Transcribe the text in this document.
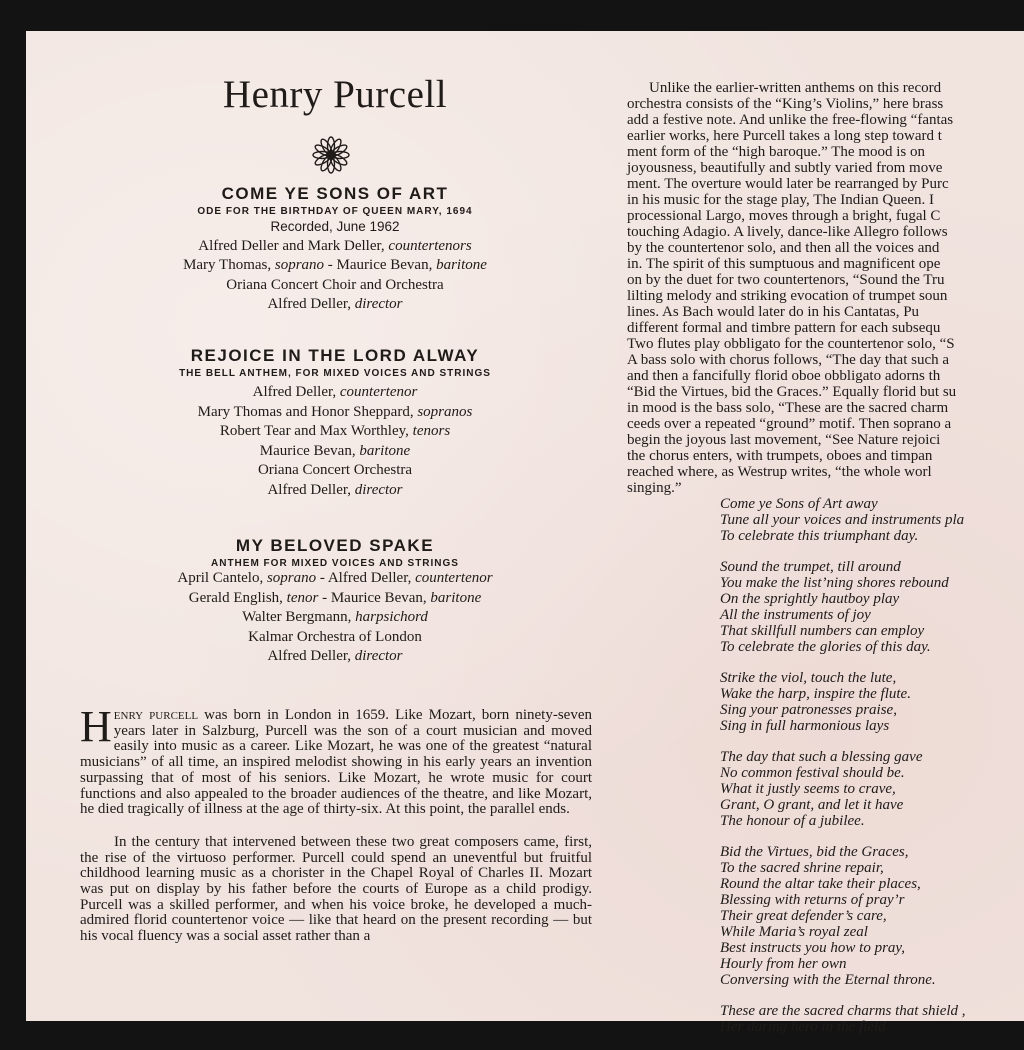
Henry Purcell

COME YE SONS OF ART

ODE FOR THE BIRTHDAY OF QUEEN MARY, 1694

Recorded, June 1962

Alfred Deller and Mark Deller, countertenors

Mary Thomas, soprano - Maurice Bevan, baritone

Oriana Concert Choir and Orchestra

Alfred Deller, director

REJOICE IN THE LORD ALWAY

THE BELL ANTHEM, FOR MIXED VOICES AND STRINGS

Alfred Deller, countertenor

Mary Thomas and Honor Sheppard, sopranos

Robert Tear and Max Worthley, tenors

Maurice Bevan, baritone

Oriana Concert Orchestra

Alfred Deller, director

MY BELOVED SPAKE

ANTHEM FOR MIXED VOICES AND STRINGS

April Cantelo, soprano - Alfred Deller, countertenor

Gerald English, tenor - Maurice Bevan, baritone

Walter Bergmann, harpsichord

Kalmar Orchestra of London

Alfred Deller, director

Henry purcell was born in London in 1659. Like Mozart, born ninety-seven years later in Salzburg, Purcell was the son of a court musician and moved easily into music as a career. Like Mozart, he was one of the greatest “natural musicians” of all time, an inspired melodist showing in his early years an invention surpassing that of most of his seniors. Like Mozart, he wrote music for court functions and also appealed to the broader audiences of the theatre, and like Mozart, he died tragically of illness at the age of thirty-six. At this point, the parallel ends.

In the century that intervened between these two great composers came, first, the rise of the virtuoso performer. Purcell could spend an uneventful but fruitful childhood learning music as a chorister in the Chapel Royal of Charles II. Mozart was put on display by his father before the courts of Europe as a child prodigy. Purcell was a skilled performer, and when his voice broke, he developed a much-admired florid countertenor voice — like that heard on the present recording — but his vocal fluency was a social asset rather than a

Unlike the earlier-written anthems on this record

orchestra consists of the “King’s Violins,” here brass

add a festive note. And unlike the free-flowing “fantas

earlier works, here Purcell takes a long step toward t

ment form of the “high baroque.” The mood is on

joyousness, beautifully and subtly varied from move

ment. The overture would later be rearranged by Purc

in his music for the stage play, The Indian Queen. I

processional Largo, moves through a bright, fugal C

touching Adagio. A lively, dance-like Allegro follows

by the countertenor solo, and then all the voices and

in. The spirit of this sumptuous and magnificent ope

on by the duet for two countertenors, “Sound the Tru

lilting melody and striking evocation of trumpet soun

lines. As Bach would later do in his Cantatas, Pu

different formal and timbre pattern for each subsequ

Two flutes play obbligato for the countertenor solo, “S

A bass solo with chorus follows, “The day that such a

and then a fancifully florid oboe obbligato adorns th

“Bid the Virtues, bid the Graces.” Equally florid but su

in mood is the bass solo, “These are the sacred charm

ceeds over a repeated “ground” motif. Then soprano a

begin the joyous last movement, “See Nature rejoici

the chorus enters, with trumpets, oboes and timpan

reached where, as Westrup writes, “the whole worl

singing.”

Come ye Sons of Art away
Tune all your voices and instruments pla
To celebrate this triumphant day.
Sound the trumpet, till around
You make the list’ning shores rebound
On the sprightly hautboy play
All the instruments of joy
That skillfull numbers can employ
To celebrate the glories of this day.
Strike the viol, touch the lute,
Wake the harp, inspire the flute.
Sing your patronesses praise,
Sing in full harmonious lays
The day that such a blessing gave
No common festival should be.
What it justly seems to crave,
Grant, O grant, and let it have
The honour of a jubilee.
Bid the Virtues, bid the Graces,
To the sacred shrine repair,
Round the altar take their places,
Blessing with returns of pray’r
Their great defender’s care,
While Maria’s royal zeal
Best instructs you how to pray,
Hourly from her own
Conversing with the Eternal throne.
These are the sacred charms that shield ,
Her daring hero in the field
